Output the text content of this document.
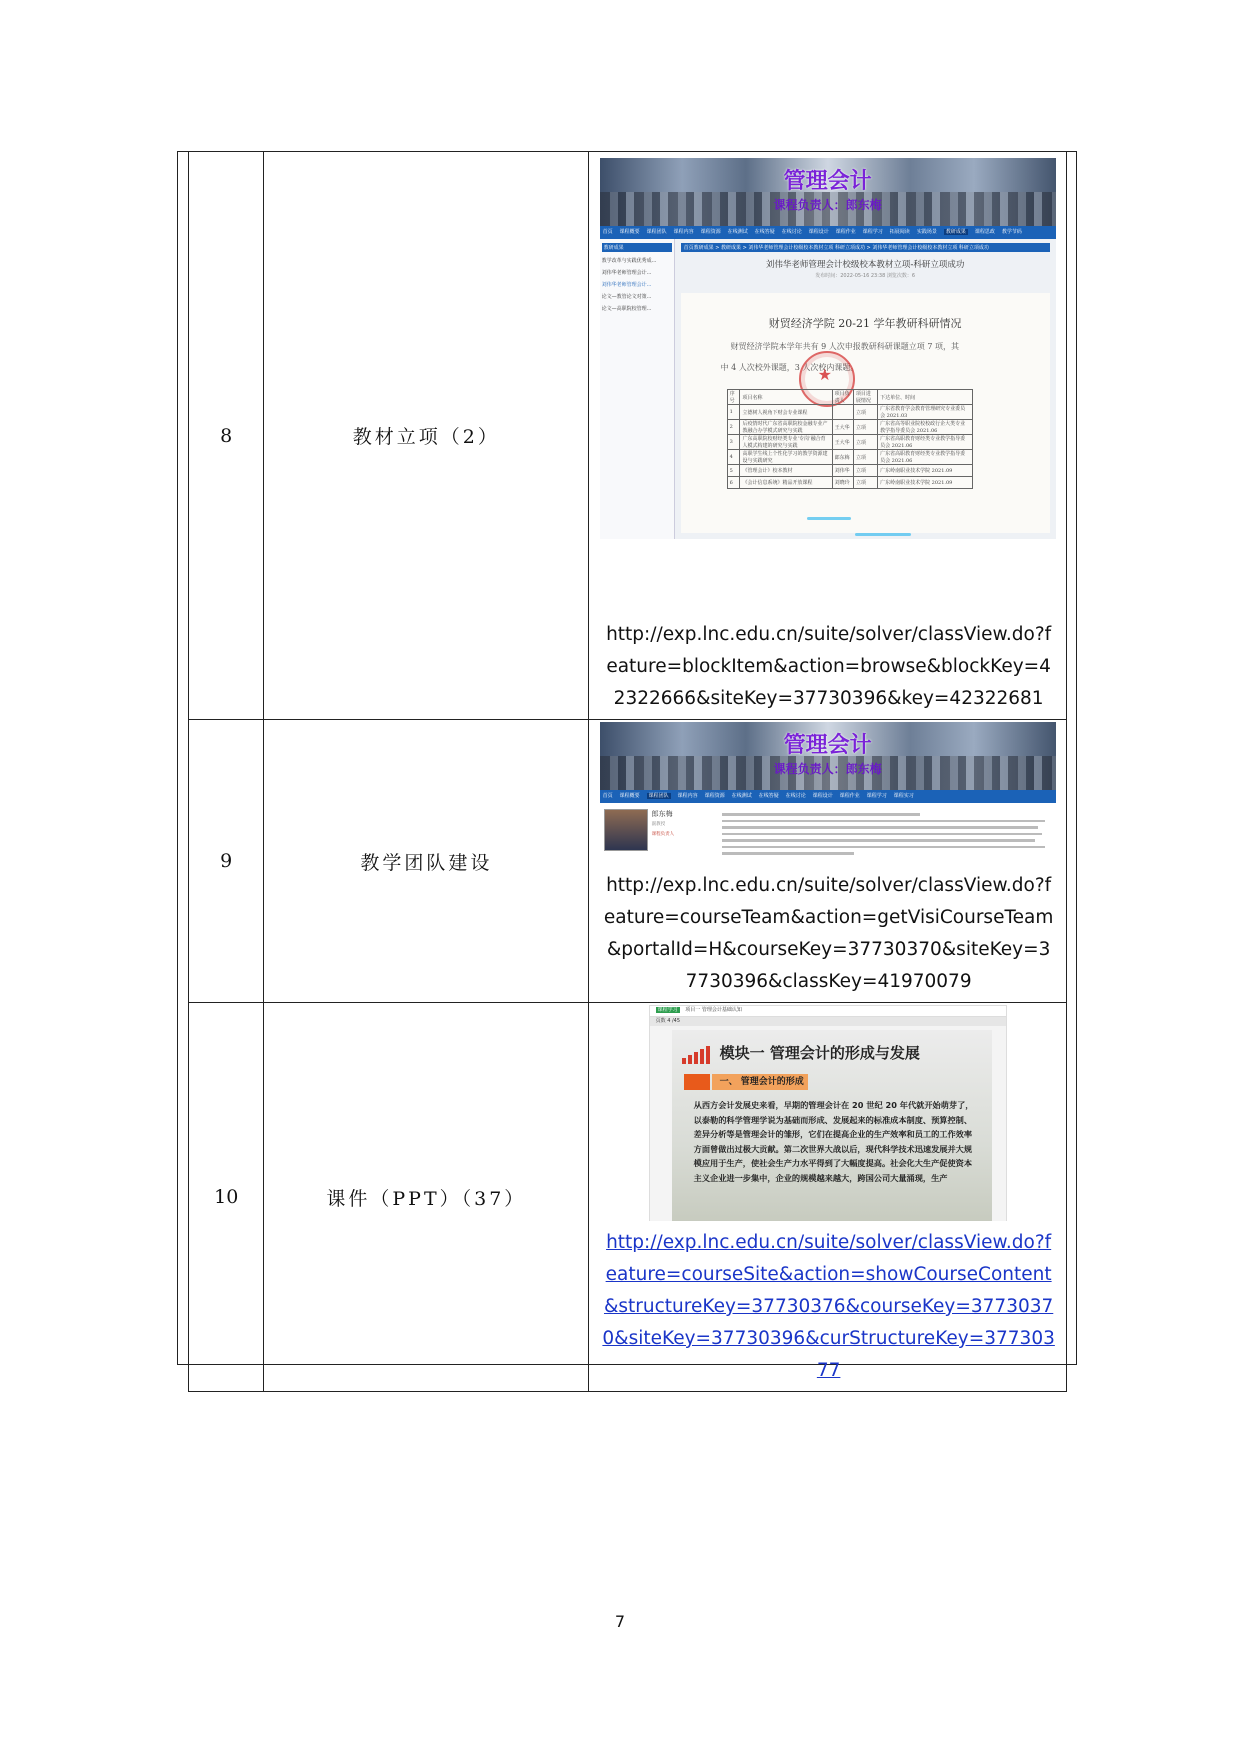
8	教材立项（2）	
管理会计
课程负责人：郎东梅
首页 课程概要 课程团队 课程内容 课程资源 在线测试 在线答疑 在线讨论 课程设计 课程作业 课程学习 拓展阅读 实践场景 教研成果 课程思政 教学节码
教研成果
教学改革与实践优秀成...
刘伟华老师管理会计...
刘伟华老师管理会计...
论文—教管论文对策...
论文—高职院校管理...
首页教研成果 > 教研成果 > 刘伟华老师管理会计校级校本教材立项 科研立项成功 > 刘伟华老师管理会计校级校本教材立项 科研立项成功
刘伟华老师管理会计校级校本教材立项-科研立项成功
发布时间：2022-05-16 23:38 浏览次数：6
财贸经济学院 20-21 学年教研科研情况
财贸经济学院本学年共有 9 人次申报教研科研课题立项 7 项，其
中 4 人次校外课题，3 人次校内课题。
★
序号	项目名称	项目负责人	项目进展情况	下达单位、时间
1	立德树人视角下财会专业课程		立项	广东省教育学会教育管理研究专业委员会 2021.03
2	后疫情时代广东省高职院校金融专业产教融合办学模式研究与实践	王大华	立项	广东省高等职业院校校政行企大类专业教学指导委员会 2021.06
3	广东高职院校财经类专业‘专岗’融合育人模式构建的研究与实践	王大华	立项	广东省高职教育财经类专业教学指导委员会 2021.06
4	高职学生线上个性化学习的教学资源建设与实践研究	郎东梅	立项	广东省高职教育财经类专业教学指导委员会 2021.06
5	《管理会计》校本教材	刘伟华	立项	广东岭南职业技术学院 2021.09
6	《会计信息系统》精品开放课程	刘晓玲	立项	广东岭南职业技术学院 2021.09
http://exp.lnc.edu.cn/suite/solver/classView.do?feature=blockItem&action=browse&blockKey=42322666&siteKey=37730396&key=42322681

9	教学团队建设	
管理会计
课程负责人：郎东梅
首页 课程概要 课程团队 课程内容 课程资源 在线测试 在线答疑 在线讨论 课程设计 课程作业 课程学习 课程实习
郎东梅
副教授
课程负责人
http://exp.lnc.edu.cn/suite/solver/classView.do?feature=courseTeam&action=getVisiCourseTeam&portalId=H&courseKey=37730370&siteKey=37730396&classKey=41970079

10	课件（PPT）（37）	
课程学习 项目一 管理会计基础认知
页数 4 /45
模块一 管理会计的形成与发展
一、 管理会计的形成
从西方会计发展史来看，早期的管理会计在 20 世纪 20 年代就开始萌芽了，以泰勒的科学管理学说为基础而形成、发展起来的标准成本制度、预算控制、差异分析等是管理会计的雏形，它们在提高企业的生产效率和员工的工作效率方面曾做出过极大贡献。第二次世界大战以后，现代科学技术迅速发展并大规模应用于生产，使社会生产力水平得到了大幅度提高。社会化大生产促使资本主义企业进一步集中，企业的规模越来越大，跨国公司大量涌现，生产
http://exp.lnc.edu.cn/suite/solver/classView.do?feature=courseSite&action=showCourseContent&structureKey=37730376&courseKey=37730370&siteKey=37730396&curStructureKey=37730377
7
